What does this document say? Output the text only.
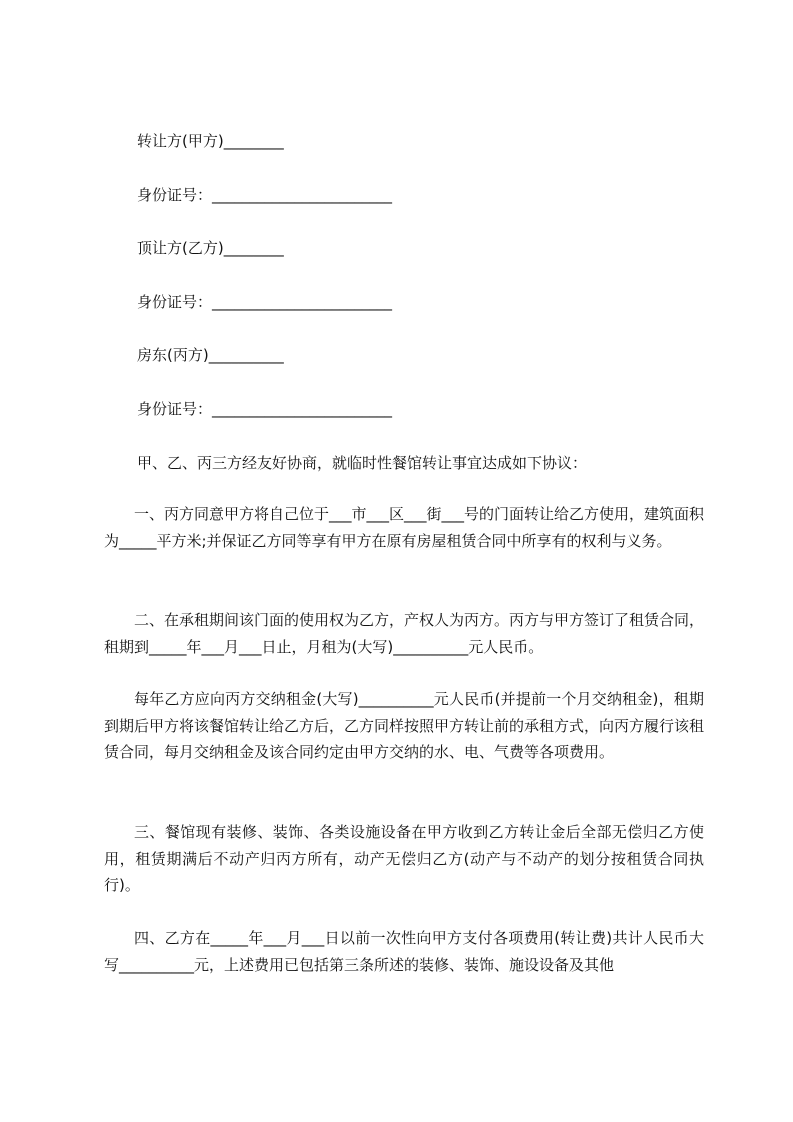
转让方(甲方)________
身份证号：________________________
顶让方(乙方)________
身份证号：________________________
房东(丙方)__________
身份证号：________________________
甲、乙、丙三方经友好协商，就临时性餐馆转让事宜达成如下协议：

一、丙方同意甲方将自己位于___市___区___街___号的门面转让给乙方使用，建筑面积为_____平方米;并保证乙方同等享有甲方在原有房屋租赁合同中所享有的权利与义务。

二、在承租期间该门面的使用权为乙方，产权人为丙方。丙方与甲方签订了租赁合同，租期到_____年___月___日止，月租为(大写)__________元人民币。

每年乙方应向丙方交纳租金(大写)__________元人民币(并提前一个月交纳租金)，租期到期后甲方将该餐馆转让给乙方后，乙方同样按照甲方转让前的承租方式，向丙方履行该租赁合同，每月交纳租金及该合同约定由甲方交纳的水、电、气费等各项费用。

三、餐馆现有装修、装饰、各类设施设备在甲方收到乙方转让金后全部无偿归乙方使用，租赁期满后不动产归丙方所有，动产无偿归乙方(动产与不动产的划分按租赁合同执行)。

四、乙方在_____年___月___日以前一次性向甲方支付各项费用(转让费)共计人民币大写__________元，上述费用已包括第三条所述的装修、装饰、施设设备及其他
